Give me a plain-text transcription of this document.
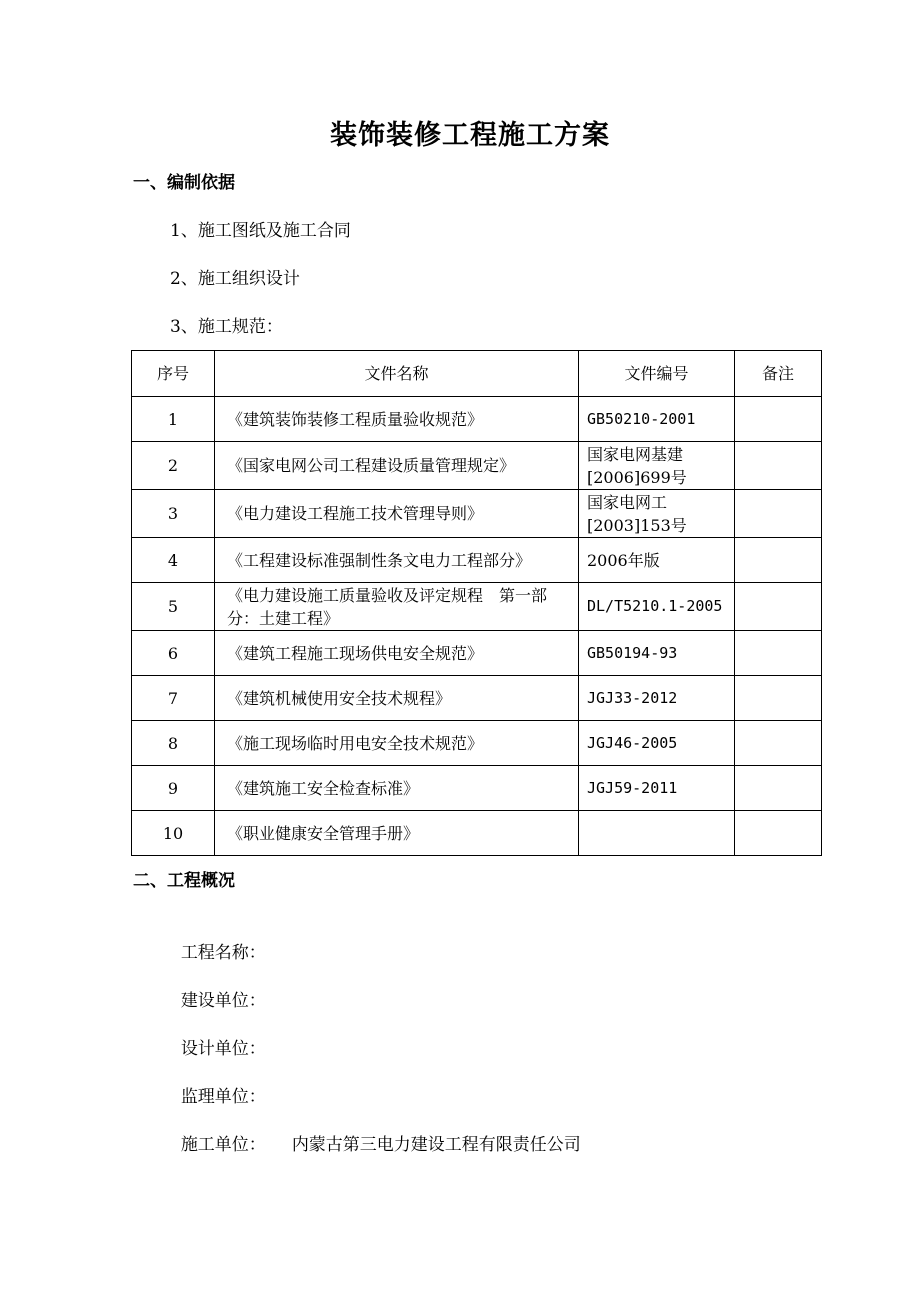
装饰装修工程施工方案
一、编制依据
1、施工图纸及施工合同
2、施工组织设计
3、施工规范：
序号	文件名称	文件编号	备注
1	《建筑装饰装修工程质量验收规范》	GB50210-2001	
2	《国家电网公司工程建设质量管理规定》	国家电网基建[2006]699号	
3	《电力建设工程施工技术管理导则》	国家电网工[2003]153号	
4	《工程建设标准强制性条文电力工程部分》	2006年版	
5	《电力建设施工质量验收及评定规程　第一部分：土建工程》	DL/T5210.1-2005	
6	《建筑工程施工现场供电安全规范》	GB50194-93	
7	《建筑机械使用安全技术规程》	JGJ33-2012	
8	《施工现场临时用电安全技术规范》	JGJ46-2005	
9	《建筑施工安全检查标准》	JGJ59-2011	
10	《职业健康安全管理手册》		
二、工程概况

工程名称：

建设单位：

设计单位：

监理单位：

施工单位： 内蒙古第三电力建设工程有限责任公司
